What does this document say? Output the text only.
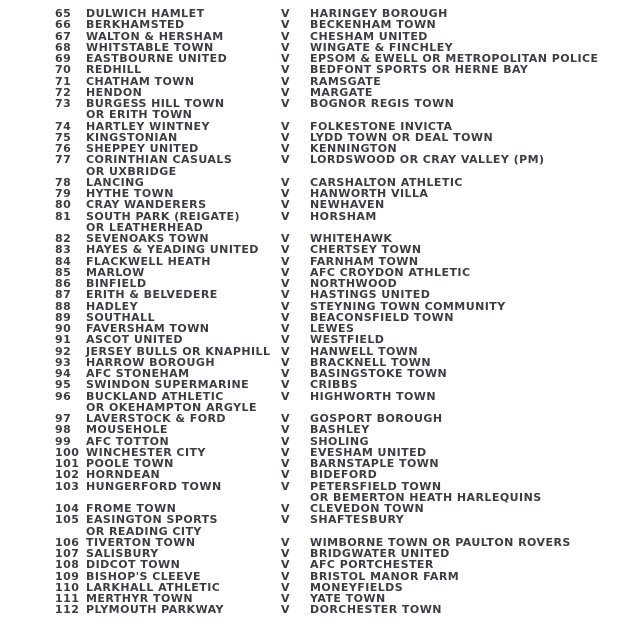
65 DULWICH HAMLET	V HARINGEY BOROUGH
66 BERKHAMSTED	V BECKENHAM TOWN
67 WALTON & HERSHAM	V CHESHAM UNITED
68 WHITSTABLE TOWN	V WINGATE & FINCHLEY
69 EASTBOURNE UNITED	V EPSOM & EWELL OR METROPOLITAN POLICE
70 REDHILL	V BEDFONT SPORTS OR HERNE BAY
71 CHATHAM TOWN	V RAMSGATE
72 HENDON	V MARGATE
73 BURGESS HILL TOWN	V BOGNOR REGIS TOWN
OR ERITH TOWN
74 HARTLEY WINTNEY	V FOLKESTONE INVICTA
75 KINGSTONIAN	V LYDD TOWN OR DEAL TOWN
76 SHEPPEY UNITED	V KENNINGTON
77 CORINTHIAN CASUALS	V LORDSWOOD OR CRAY VALLEY (PM)
OR UXBRIDGE
78 LANCING	V CARSHALTON ATHLETIC
79 HYTHE TOWN	V HANWORTH VILLA
80 CRAY WANDERERS	V NEWHAVEN
81 SOUTH PARK (REIGATE)	V HORSHAM
OR LEATHERHEAD
82 SEVENOAKS TOWN	V WHITEHAWK
83 HAYES & YEADING UNITED V CHERTSEY TOWN
84 FLACKWELL HEATH	V FARNHAM TOWN
85 MARLOW	V AFC CROYDON ATHLETIC
86 BINFIELD	V NORTHWOOD
87 ERITH & BELVEDERE	V HASTINGS UNITED
88 HADLEY	V STEYNING TOWN COMMUNITY
89 SOUTHALL	V BEACONSFIELD TOWN
90 FAVERSHAM TOWN	V LEWES
91 ASCOT UNITED	V WESTFIELD
92 JERSEY BULLS OR KNAPHILL V HANWELL TOWN
93 HARROW BOROUGH	V BRACKNELL TOWN
94 AFC STONEHAM	V BASINGSTOKE TOWN
95 SWINDON SUPERMARINE	V CRIBBS
96 BUCKLAND ATHLETIC	V HIGHWORTH TOWN
OR OKEHAMPTON ARGYLE
97 LAVERSTOCK & FORD	V GOSPORT BOROUGH
98 MOUSEHOLE	V BASHLEY
99 AFC TOTTON	V SHOLING
100 WINCHESTER CITY	V EVESHAM UNITED
101 POOLE TOWN	V BARNSTAPLE TOWN
102 HORNDEAN	V BIDEFORD
103 HUNGERFORD TOWN	V PETERSFIELD TOWN
OR BEMERTON HEATH HARLEQUINS
104 FROME TOWN	V CLEVEDON TOWN
105 EASINGTON SPORTS	V SHAFTESBURY
OR READING CITY
106 TIVERTON TOWN	V WIMBORNE TOWN OR PAULTON ROVERS
107 SALISBURY	V BRIDGWATER UNITED
108 DIDCOT TOWN	V AFC PORTCHESTER
109 BISHOP'S CLEEVE	V BRISTOL MANOR FARM
110 LARKHALL ATHLETIC	V MONEYFIELDS
111 MERTHYR TOWN	V YATE TOWN
112 PLYMOUTH PARKWAY	V DORCHESTER TOWN
